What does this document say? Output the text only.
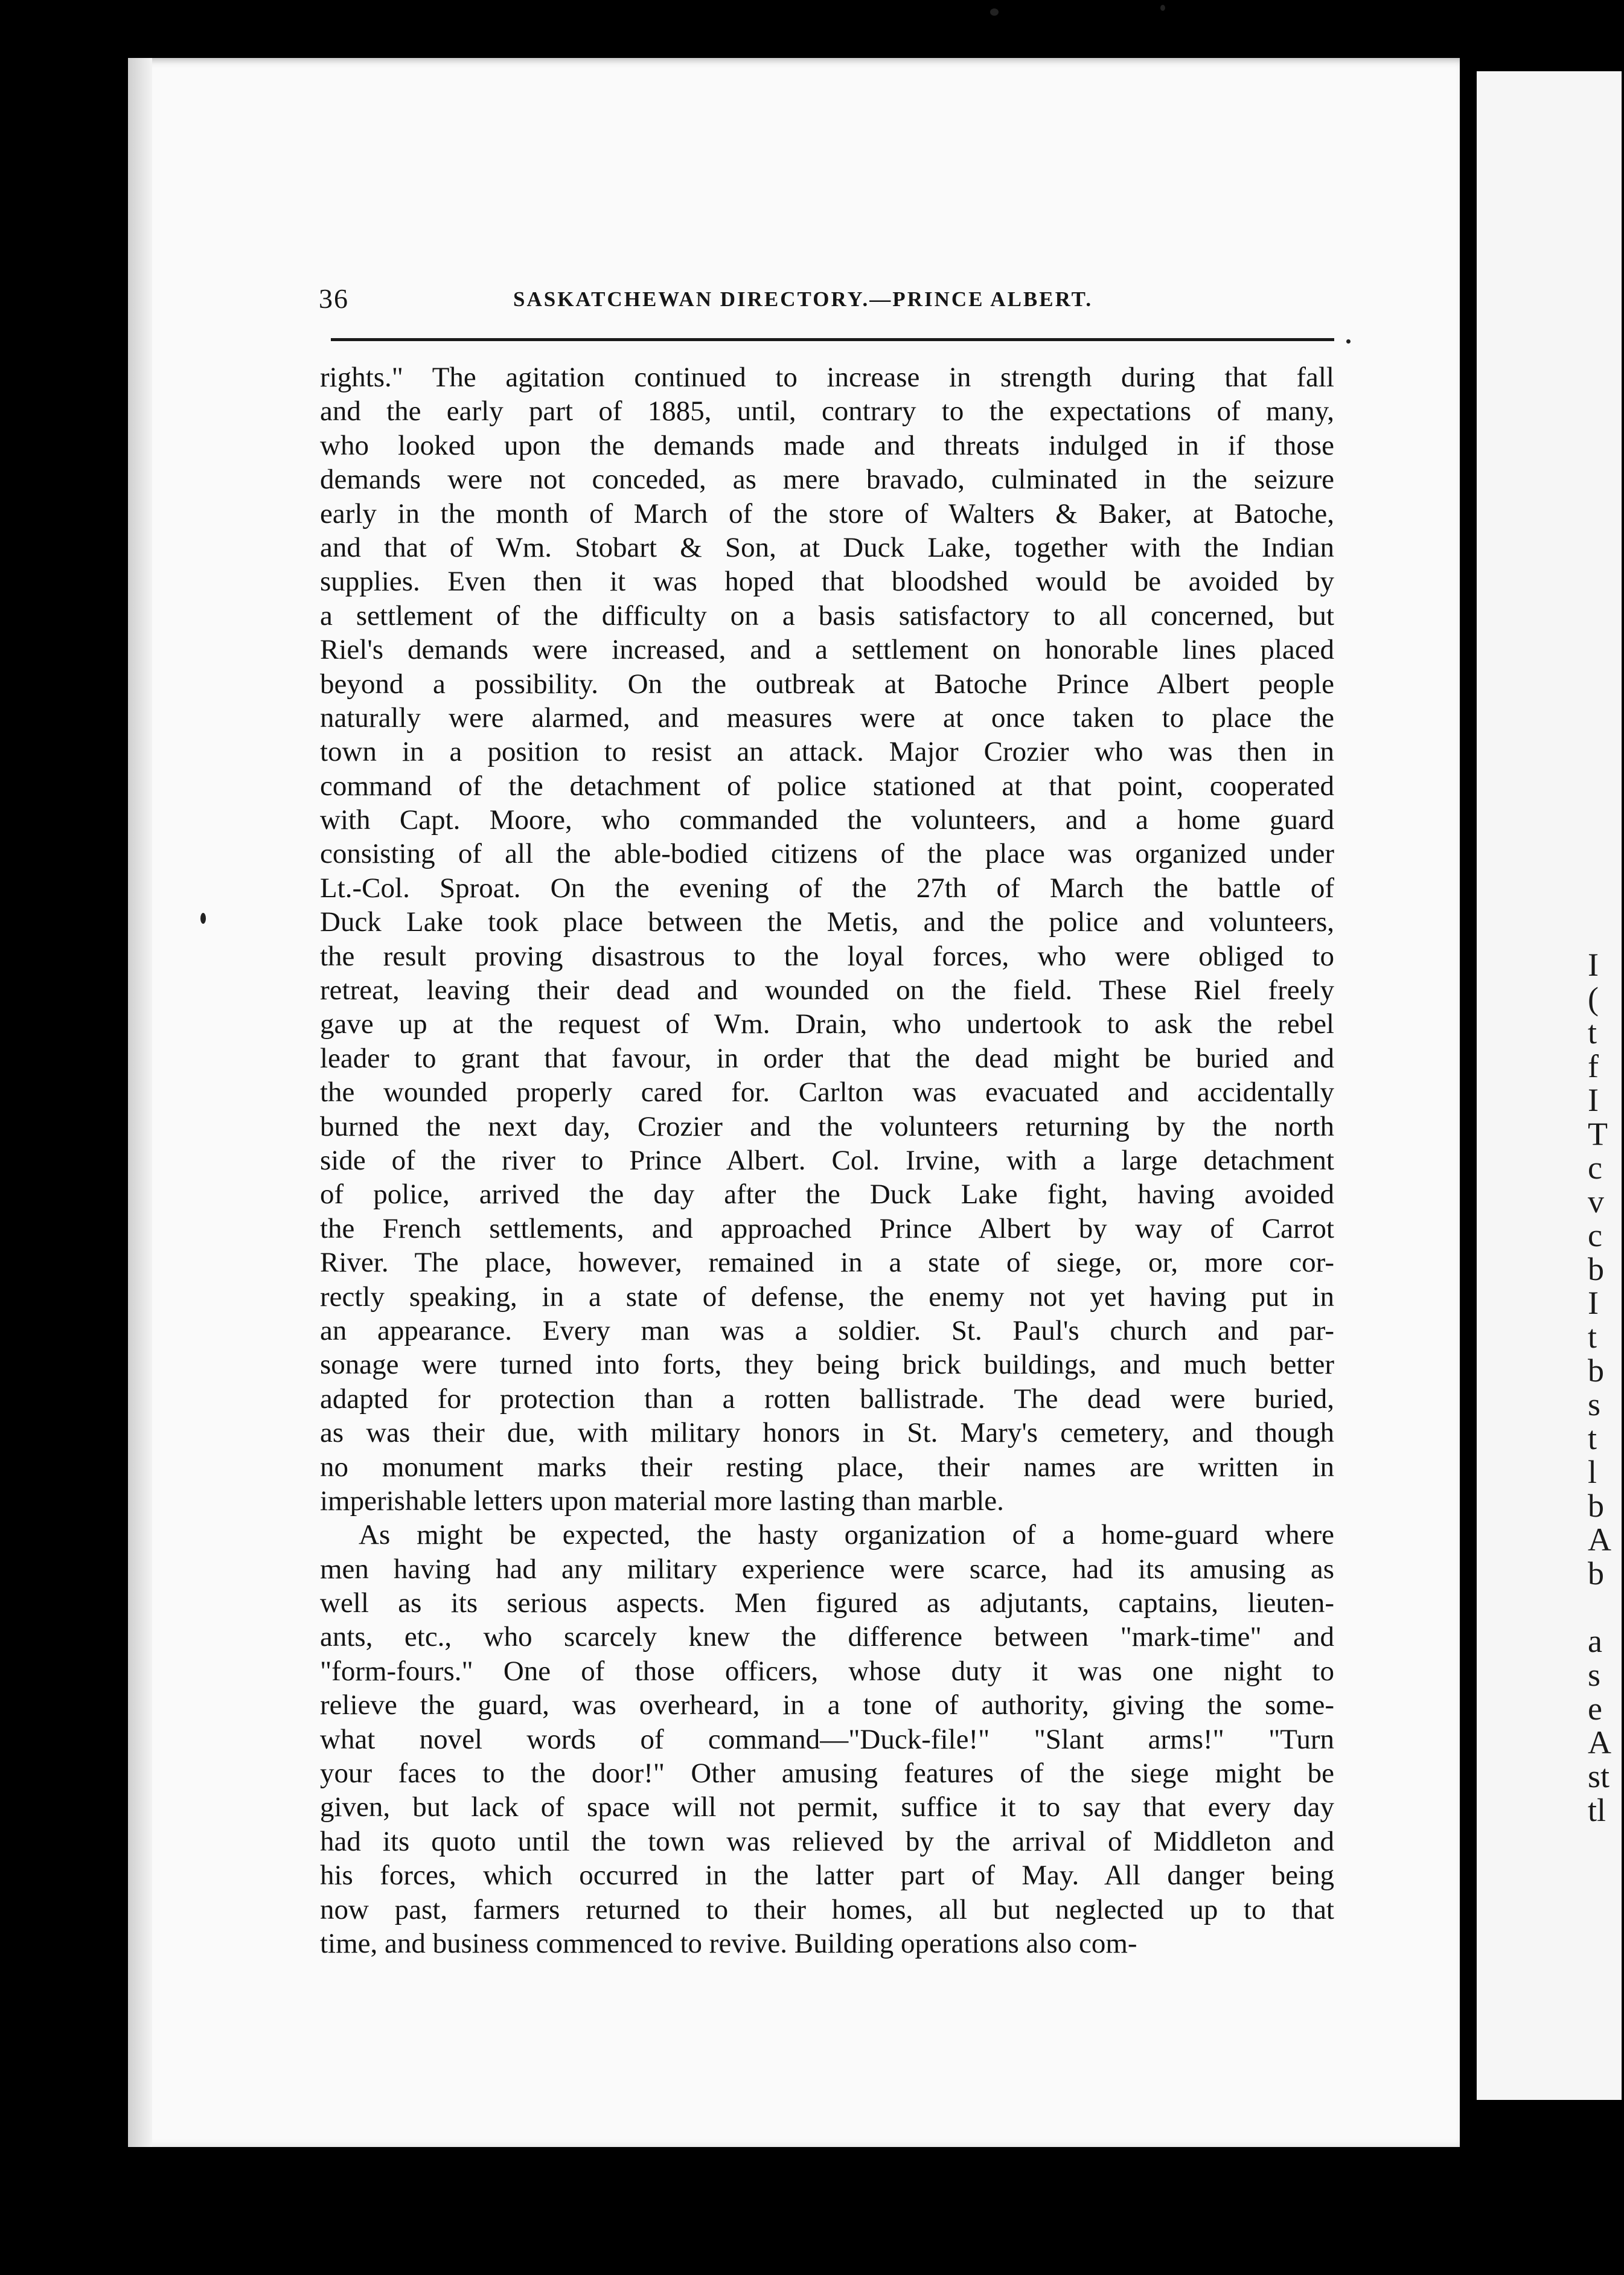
I
(
t
f
I
T
c
v
c
b
I
t
b
s
t
l
b
A
b

a
s
e
A
st
tl
36	SASKATCHEWAN DIRECTORY.—PRINCE ALBERT.
rights." The agitation continued to increase in strength during that fall
and the early part of 1885, until, contrary to the expectations of many,
who looked upon the demands made and threats indulged in if those
demands were not conceded, as mere bravado, culminated in the seizure
early in the month of March of the store of Walters & Baker, at Batoche,
and that of Wm. Stobart & Son, at Duck Lake, together with the Indian
supplies. Even then it was hoped that bloodshed would be avoided by
a settlement of the difficulty on a basis satisfactory to all concerned, but
Riel's demands were increased, and a settlement on honorable lines placed
beyond a possibility. On the outbreak at Batoche Prince Albert people
naturally were alarmed, and measures were at once taken to place the
town in a position to resist an attack. Major Crozier who was then in
command of the detachment of police stationed at that point, cooperated
with Capt. Moore, who commanded the volunteers, and a home guard
consisting of all the able-bodied citizens of the place was organized under
Lt.-Col. Sproat. On the evening of the 27th of March the battle of
Duck Lake took place between the Metis, and the police and volunteers,
the result proving disastrous to the loyal forces, who were obliged to
retreat, leaving their dead and wounded on the field. These Riel freely
gave up at the request of Wm. Drain, who undertook to ask the rebel
leader to grant that favour, in order that the dead might be buried and
the wounded properly cared for. Carlton was evacuated and accidentally
burned the next day, Crozier and the volunteers returning by the north
side of the river to Prince Albert. Col. Irvine, with a large detachment
of police, arrived the day after the Duck Lake fight, having avoided
the French settlements, and approached Prince Albert by way of Carrot
River. The place, however, remained in a state of siege, or, more cor-
rectly speaking, in a state of defense, the enemy not yet having put in
an appearance. Every man was a soldier. St. Paul's church and par-
sonage were turned into forts, they being brick buildings, and much better
adapted for protection than a rotten ballistrade. The dead were buried,
as was their due, with military honors in St. Mary's cemetery, and though
no monument marks their resting place, their names are written in
imperishable letters upon material more lasting than marble.
As might be expected, the hasty organization of a home-guard where
men having had any military experience were scarce, had its amusing as
well as its serious aspects. Men figured as adjutants, captains, lieuten-
ants, etc., who scarcely knew the difference between "mark-time" and
"form-fours." One of those officers, whose duty it was one night to
relieve the guard, was overheard, in a tone of authority, giving the some-
what novel words of command—"Duck-file!" "Slant arms!" "Turn
your faces to the door!" Other amusing features of the siege might be
given, but lack of space will not permit, suffice it to say that every day
had its quoto until the town was relieved by the arrival of Middleton and
his forces, which occurred in the latter part of May. All danger being
now past, farmers returned to their homes, all but neglected up to that
time, and business commenced to revive. Building operations also com-
